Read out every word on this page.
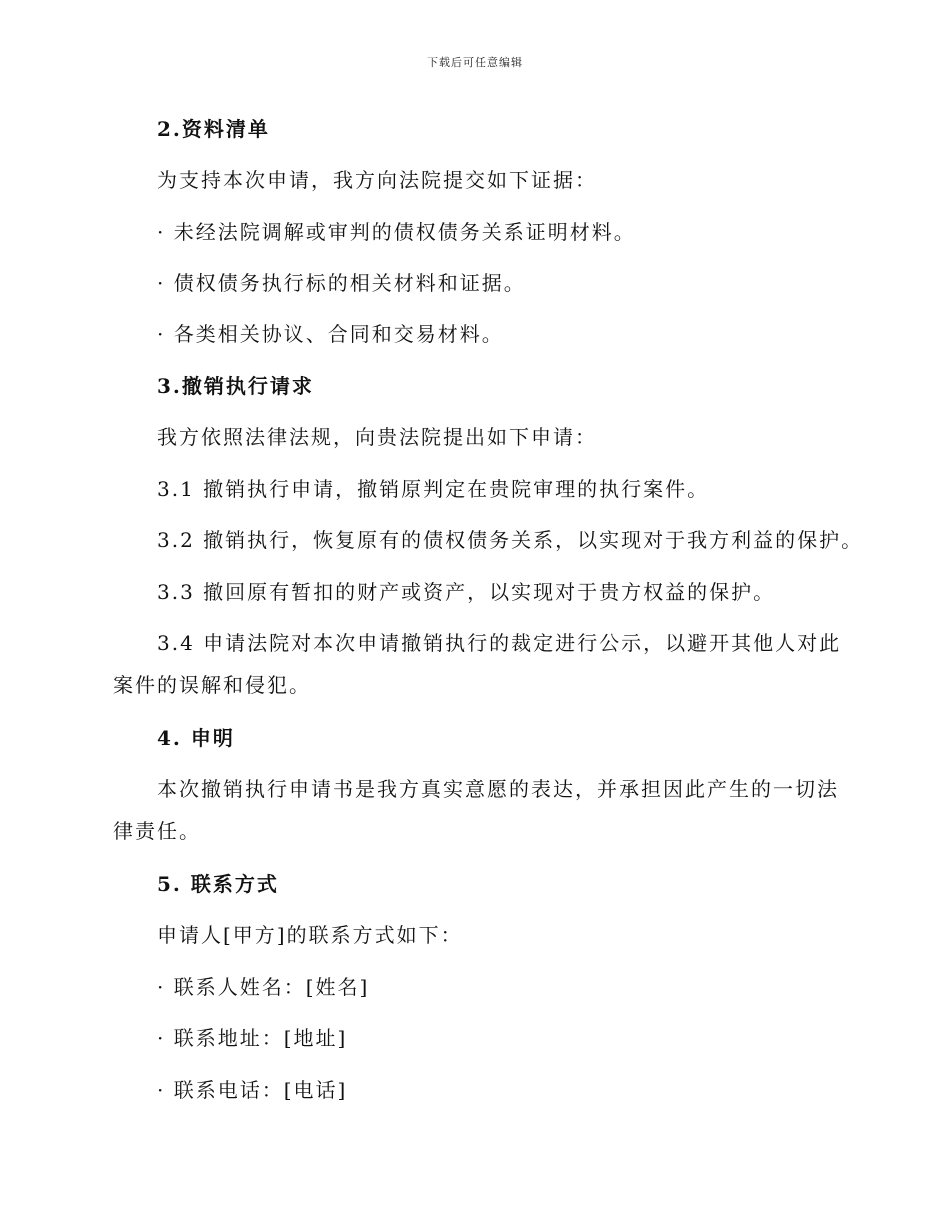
下载后可任意编辑
2.资料清单
为支持本次申请，我方向法院提交如下证据：
· 未经法院调解或审判的债权债务关系证明材料。
· 债权债务执行标的相关材料和证据。
· 各类相关协议、合同和交易材料。
3.撤销执行请求
我方依照法律法规，向贵法院提出如下申请：
3.1 撤销执行申请，撤销原判定在贵院审理的执行案件。
3.2 撤销执行，恢复原有的债权债务关系，以实现对于我方利益的保护。
3.3 撤回原有暂扣的财产或资产，以实现对于贵方权益的保护。
3.4 申请法院对本次申请撤销执行的裁定进行公示，以避开其他人对此案件的误解和侵犯。
4. 申明
本次撤销执行申请书是我方真实意愿的表达，并承担因此产生的一切法律责任。
5. 联系方式
申请人[甲方]的联系方式如下：
· 联系人姓名：[姓名]
· 联系地址：[地址]
· 联系电话：[电话]
